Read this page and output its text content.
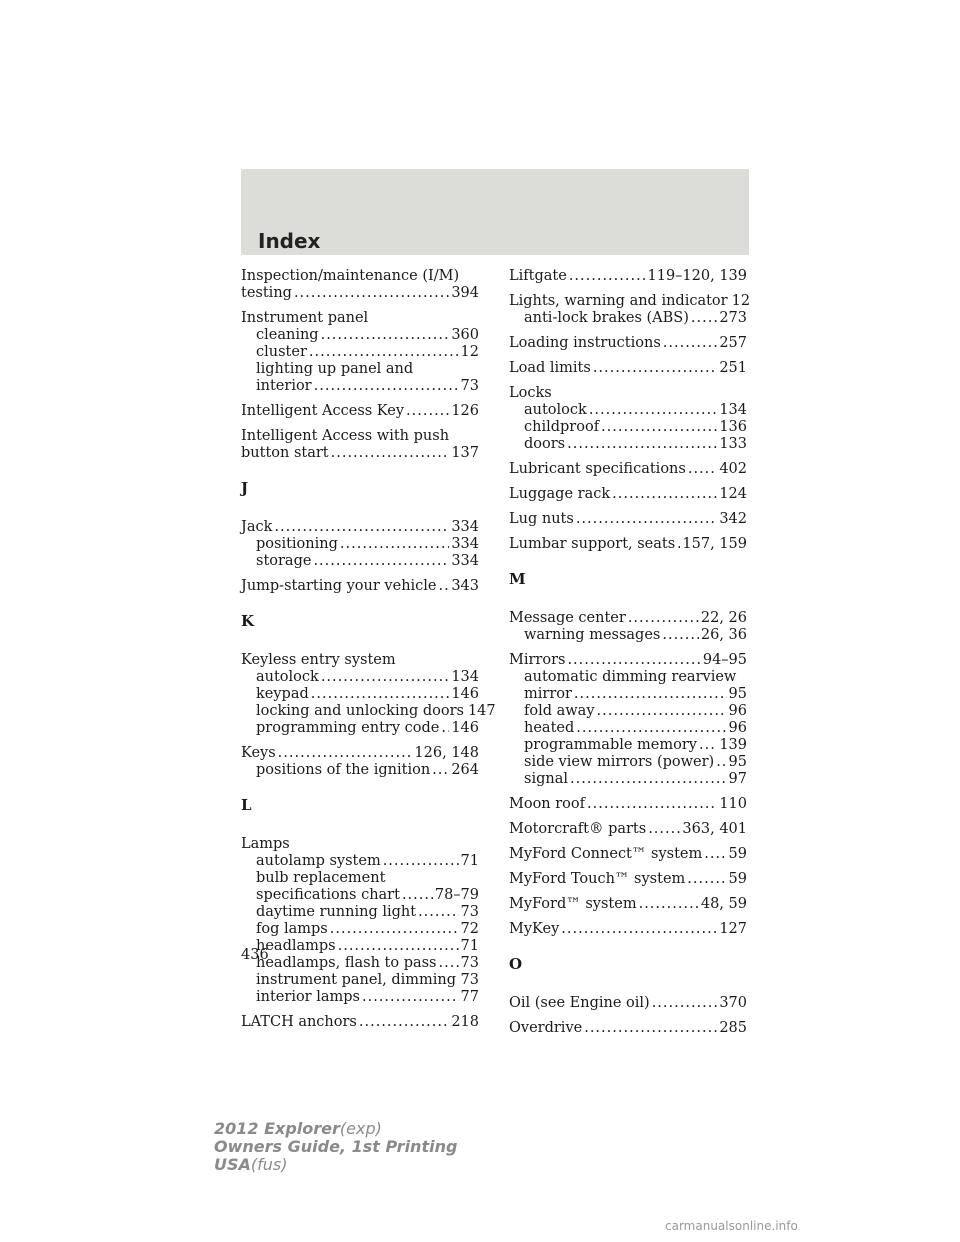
Index
Inspection/maintenance (I/M)
testing .....	394
Instrument panel
cleaning .....	360
cluster .....	12
lighting up panel and
interior .....	73
Intelligent Access Key .....	126
Intelligent Access with push
button start .....	137
J
Jack .....	334
positioning .....	334
storage .....	334
Jump-starting your vehicle ..... 343
K
Keyless entry system
autolock .....	134
keypad .....	146
locking and unlocking doors 147
programming entry code ..... 146
Keys .....	126, 148
positions of the ignition ..... 264
L
Lamps
autolamp system .....	71
bulb replacement
specifications chart ..... 78–79
daytime running light .....	73
fog lamps .....	72
headlamps .....	71
headlamps, flash to pass ..... 73
instrument panel, dimming ..... 73
interior lamps .....	77
LATCH anchors .....	218
Liftgate .....	119–120, 139
Lights, warning and indicator 12
anti-lock brakes (ABS) ..... 273
Loading instructions .....	257
Load limits .....	251
Locks
autolock .....	134
childproof .....	136
doors .....	133
Lubricant specifications ..... 402
Luggage rack .....	124
Lug nuts .....	342
Lumbar support, seats ..... 157, 159
M
Message center .....	22, 26
warning messages .....	26, 36
Mirrors .....	94–95
automatic dimming rearview
mirror .....	95
fold away .....	96
heated .....	96
programmable memory ..... 139
side view mirrors (power) ..... 95
signal .....	97
Moon roof .....	110
Motorcraft® parts ..... 363, 401
MyFord Connect™ system ..... 59
MyFord Touch™ system .....	59
MyFord™ system .....	48, 59
MyKey .....	127
O
Oil (see Engine oil) .....	370
Overdrive .....	285
436
2012 Explorer(exp)
Owners Guide, 1st Printing
USA(fus)
carmanualsonline.info
